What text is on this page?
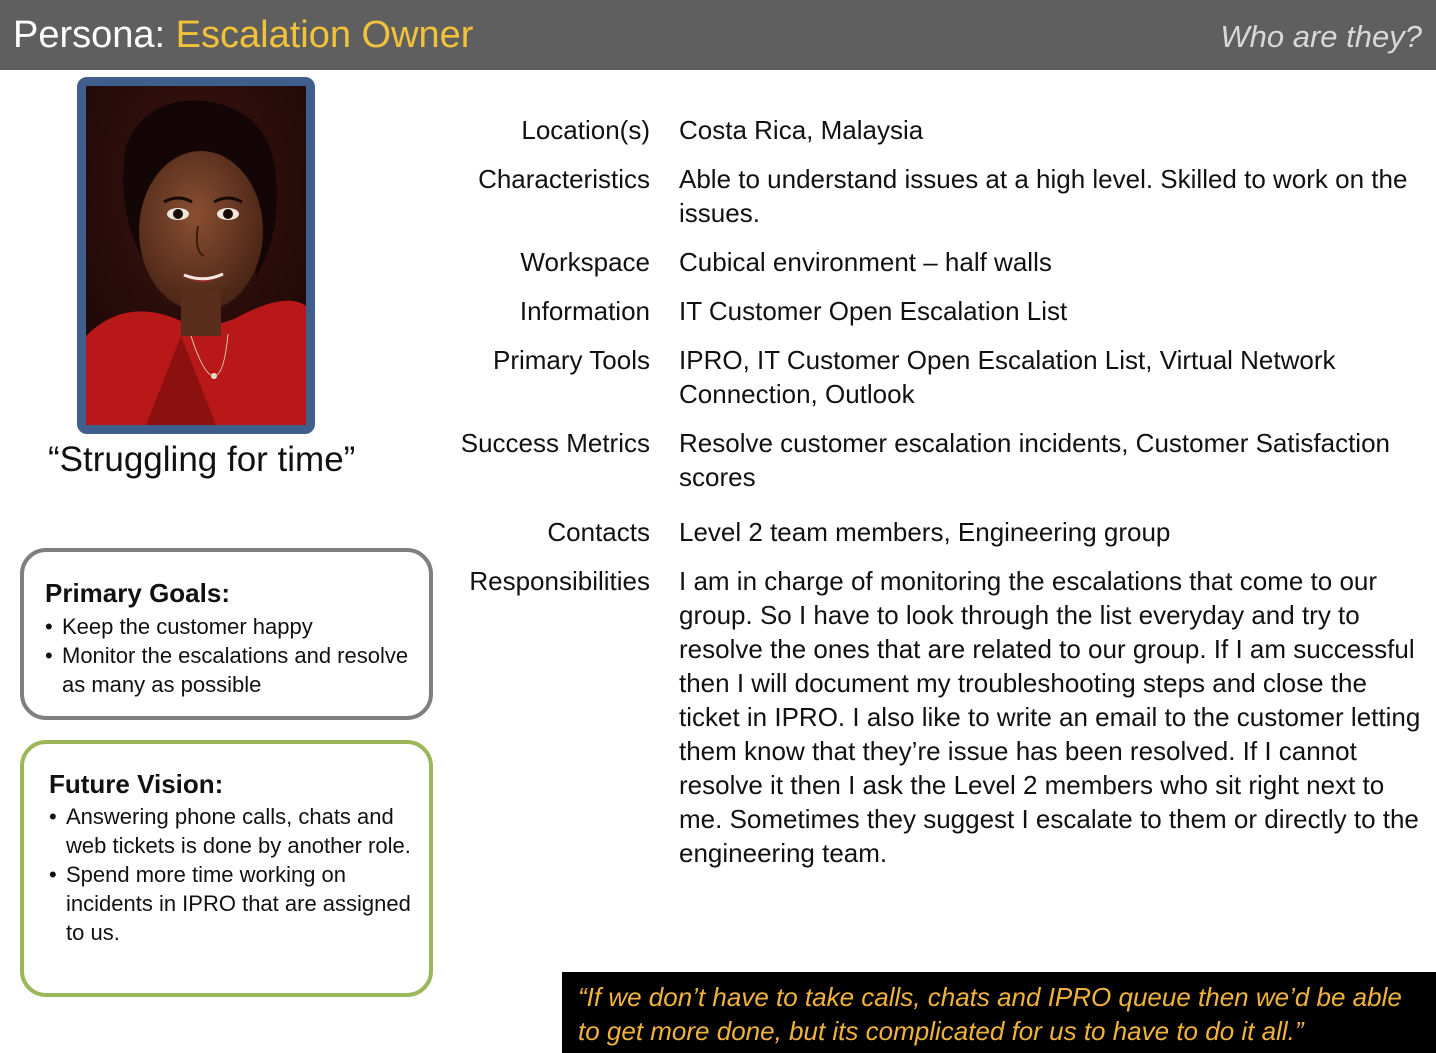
Persona: Escalation Owner	Who are they?
“Struggling for time”
Primary Goals:
• Keep the customer happy
• Monitor the escalations and resolve as many as possible
Future Vision:
• Answering phone calls, chats and web tickets is done by another role.
• Spend more time working on incidents in IPRO that are assigned to us.
Location(s) Costa Rica, Malaysia
Characteristics Able to understand issues at a high level. Skilled to work on the issues.
Workspace Cubical environment – half walls
Information IT Customer Open Escalation List
Primary Tools IPRO, IT Customer Open Escalation List, Virtual Network Connection, Outlook
Success Metrics Resolve customer escalation incidents, Customer Satisfaction scores
Contacts Level 2 team members, Engineering group
Responsibilities I am in charge of monitoring the escalations that come to our group. So I have to look through the list everyday and try to resolve the ones that are related to our group. If I am successful then I will document my troubleshooting steps and close the ticket in IPRO. I also like to write an email to the customer letting them know that they’re issue has been resolved. If I cannot resolve it then I ask the Level 2 members who sit right next to me. Sometimes they suggest I escalate to them or directly to the engineering team.
“If we don’t have to take calls, chats and IPRO queue then we’d be able to get more done, but its complicated for us to have to do it all.”
